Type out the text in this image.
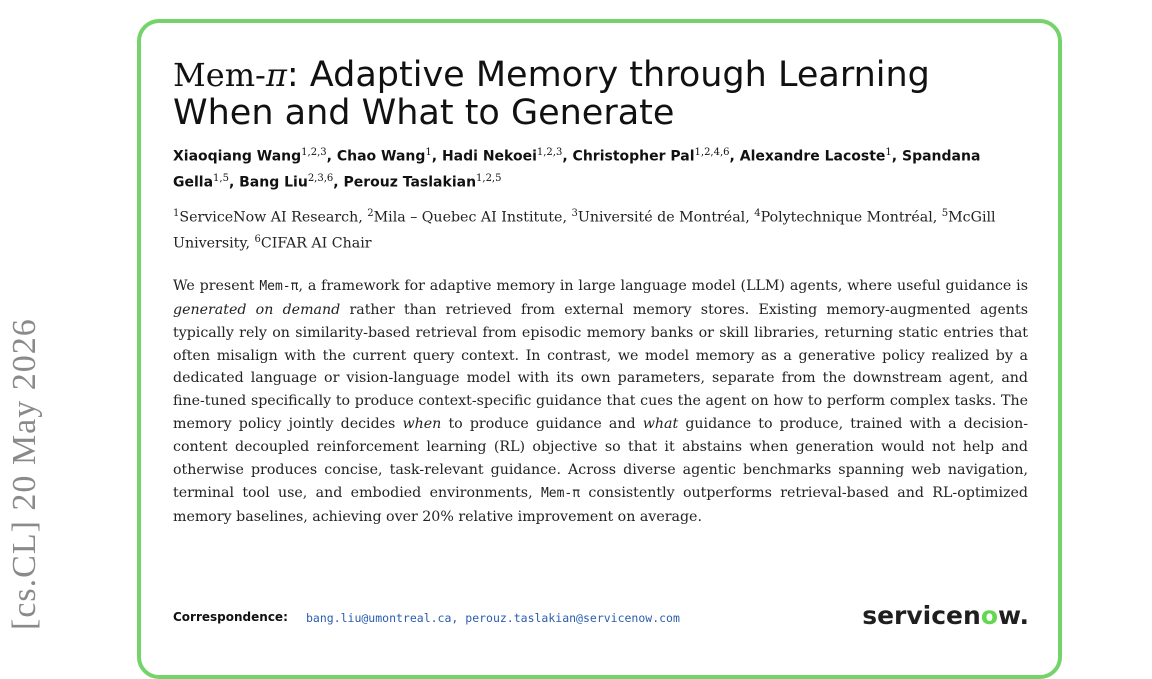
[cs.CL] 20 May 2026
Mem-π: Adaptive Memory through Learning
When and What to Generate
Xiaoqiang Wang$^{1,2,3}$, Chao Wang$^1$, Hadi Nekoei$^{1,2,3}$, Christopher Pal$^{1,2,4,6}$, Alexandre Lacoste$^1$, Spandana Gella$^{1,5}$, Bang Liu$^{2,3,6}$, Perouz Taslakian$^{1,2,5}$
$^1$ServiceNow AI Research, $^2$Mila – Quebec AI Institute, $^3$Université de Montréal, $^4$Polytechnique Montréal, $^5$McGill University, $^6$CIFAR AI Chair
We present Mem-π, a framework for adaptive memory in large language model (LLM) agents, where useful guidance is generated on demand rather than retrieved from external memory stores. Existing memory-augmented agents typically rely on similarity-based retrieval from episodic memory banks or skill libraries, returning static entries that often misalign with the current query context. In contrast, we model memory as a generative policy realized by a dedicated language or vision-language model with its own parameters, separate from the downstream agent, and fine-tuned specifically to produce context-specific guidance that cues the agent on how to perform complex tasks. The memory policy jointly decides when to produce guidance and what guidance to produce, trained with a decision-content decoupled reinforcement learning (RL) objective so that it abstains when generation would not help and otherwise produces concise, task-relevant guidance. Across diverse agentic benchmarks spanning web navigation, terminal tool use, and embodied environments, Mem-π consistently outperforms retrieval-based and RL-optimized memory baselines, achieving over 20% relative improvement on average.
Correspondence: bang.liu@umontreal.ca, perouz.taslakian@servicenow.com	servicenow.
